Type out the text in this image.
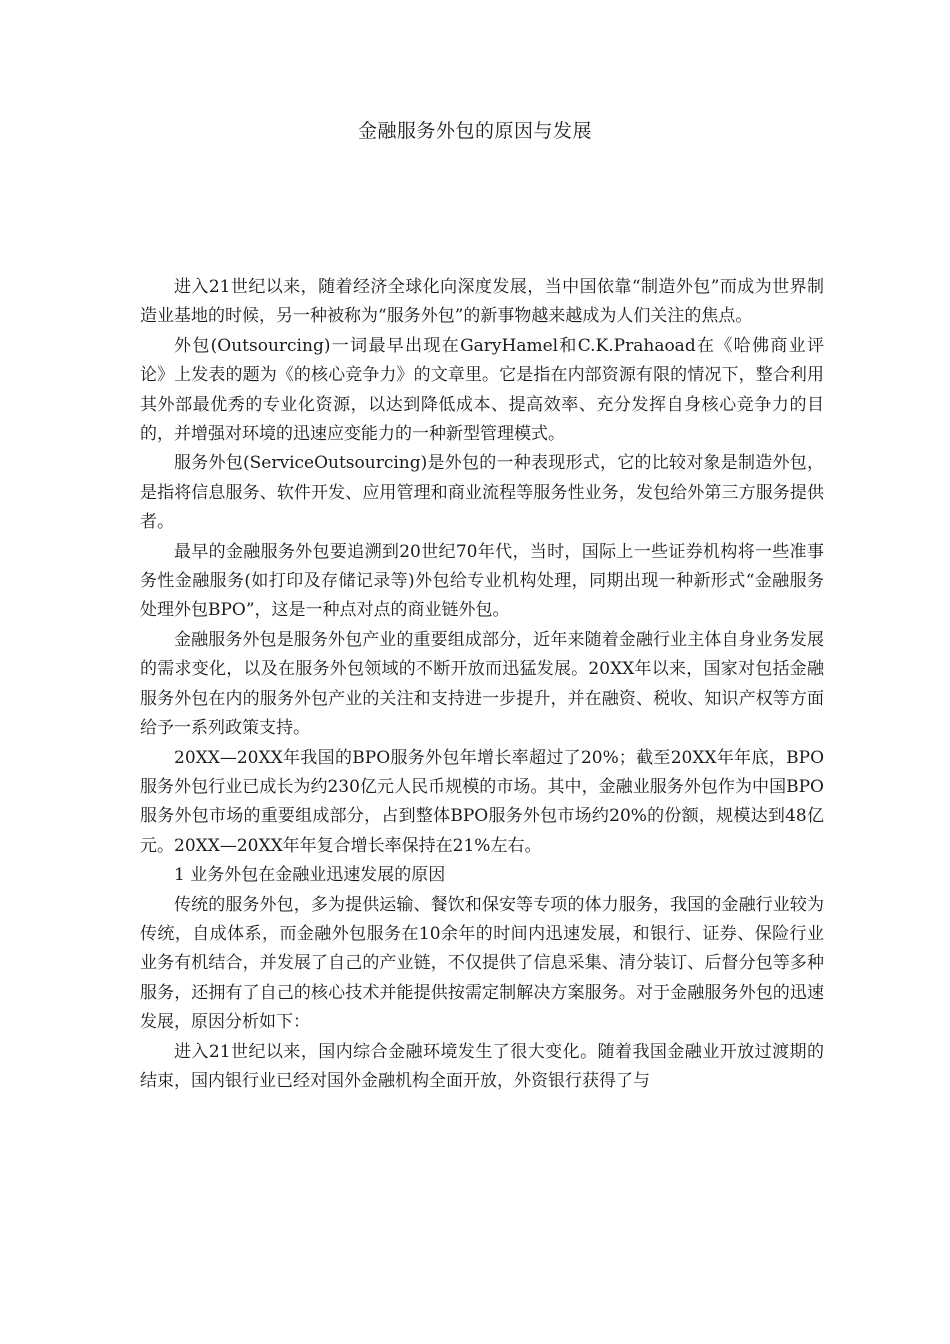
金融服务外包的原因与发展

进入21世纪以来，随着经济全球化向深度发展，当中国依靠“制造外包”而成为世界制造业基地的时候，另一种被称为“服务外包”的新事物越来越成为人们关注的焦点。

外包(Outsourcing)一词最早出现在GaryHamel和C.K.Prahaoad在《哈佛商业评论》上发表的题为《的核心竞争力》的文章里。它是指在内部资源有限的情况下，整合利用其外部最优秀的专业化资源，以达到降低成本、提高效率、充分发挥自身核心竞争力的目的，并增强对环境的迅速应变能力的一种新型管理模式。

服务外包(ServiceOutsourcing)是外包的一种表现形式，它的比较对象是制造外包，是指将信息服务、软件开发、应用管理和商业流程等服务性业务，发包给外第三方服务提供者。

最早的金融服务外包要追溯到20世纪70年代，当时，国际上一些证券机构将一些准事务性金融服务(如打印及存储记录等)外包给专业机构处理，同期出现一种新形式“金融服务处理外包BPO”，这是一种点对点的商业链外包。

金融服务外包是服务外包产业的重要组成部分，近年来随着金融行业主体自身业务发展的需求变化，以及在服务外包领域的不断开放而迅猛发展。20XX年以来，国家对包括金融服务外包在内的服务外包产业的关注和支持进一步提升，并在融资、税收、知识产权等方面给予一系列政策支持。

20XX—20XX年我国的BPO服务外包年增长率超过了20%；截至20XX年年底，BPO服务外包行业已成长为约230亿元人民币规模的市场。其中，金融业服务外包作为中国BPO服务外包市场的重要组成部分，占到整体BPO服务外包市场约20%的份额，规模达到48亿元。20XX—20XX年年复合增长率保持在21%左右。

1 业务外包在金融业迅速发展的原因

传统的服务外包，多为提供运输、餐饮和保安等专项的体力服务，我国的金融行业较为传统，自成体系，而金融外包服务在10余年的时间内迅速发展，和银行、证券、保险行业业务有机结合，并发展了自己的产业链，不仅提供了信息采集、清分装订、后督分包等多种服务，还拥有了自己的核心技术并能提供按需定制解决方案服务。对于金融服务外包的迅速发展，原因分析如下：

进入21世纪以来，国内综合金融环境发生了很大变化。随着我国金融业开放过渡期的结束，国内银行业已经对国外金融机构全面开放，外资银行获得了与
